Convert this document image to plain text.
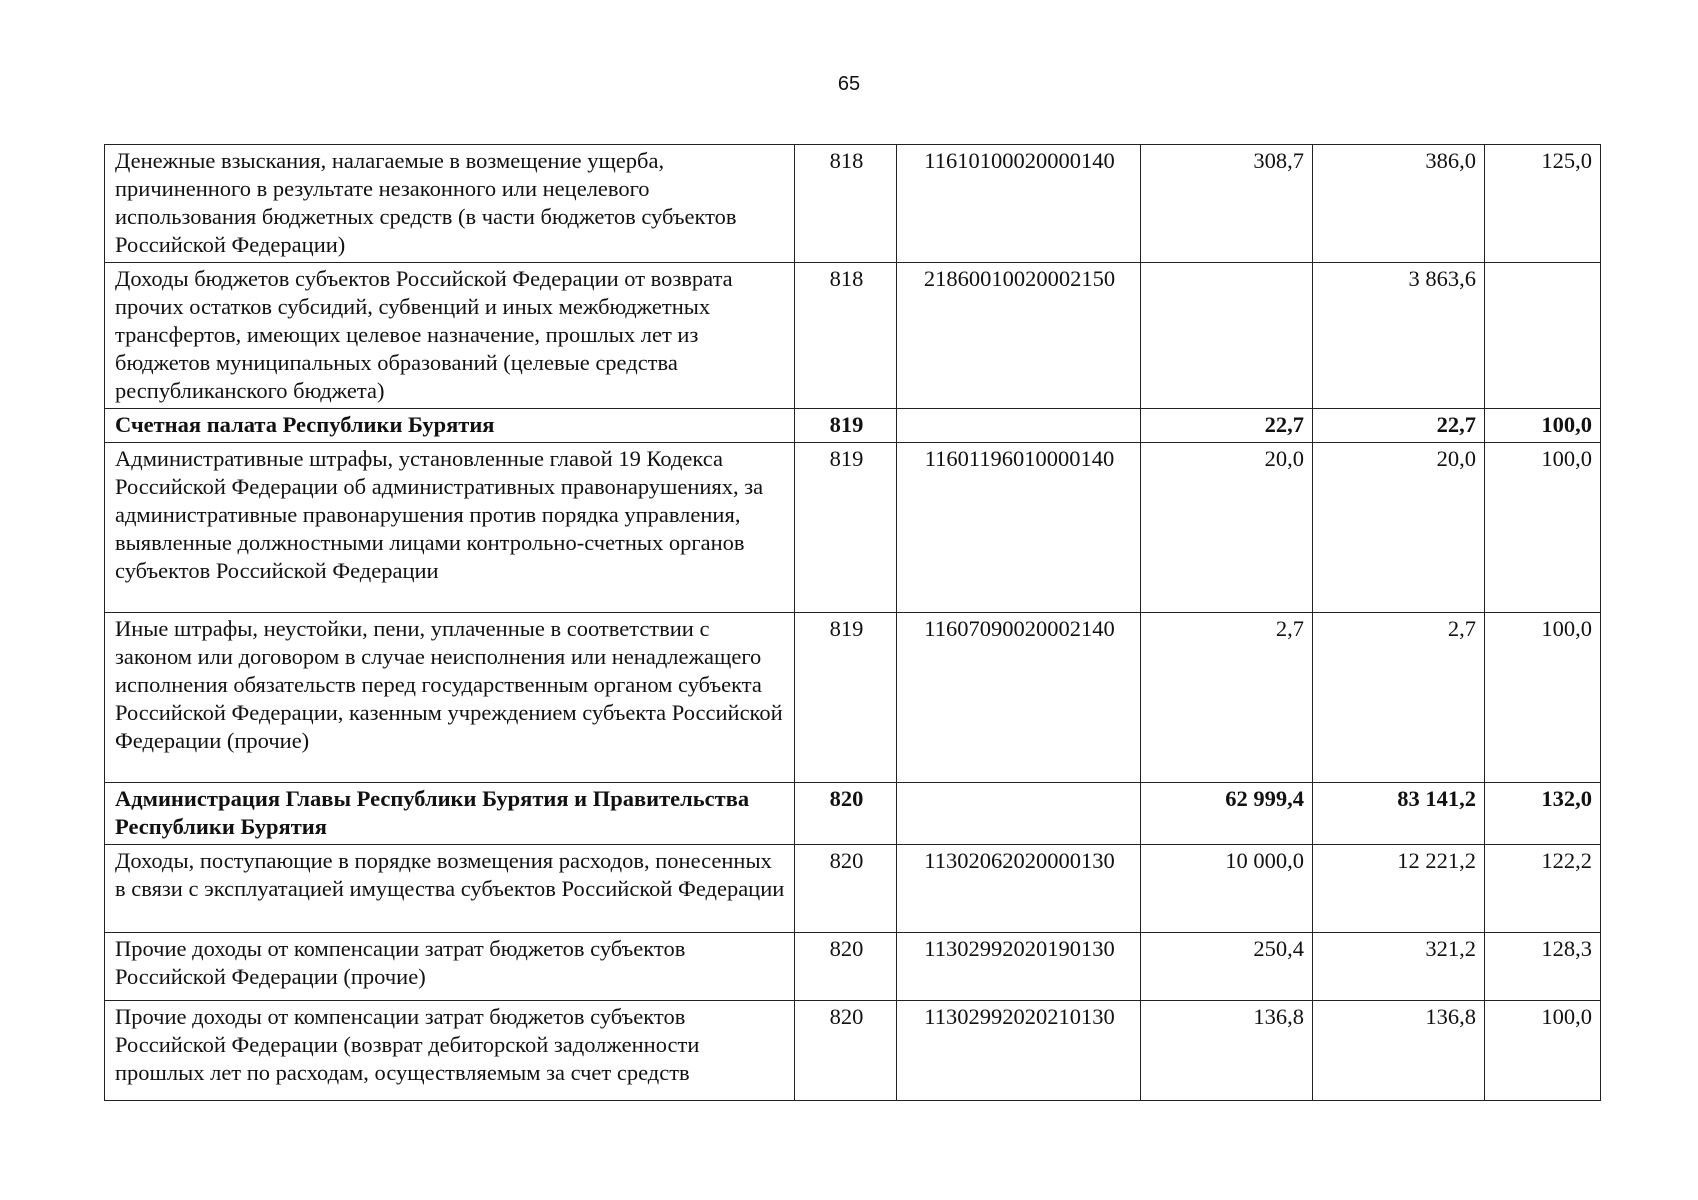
65
Денежные взыскания, налагаемые в возмещение ущерба, причиненного в результате незаконного или нецелевого использования бюджетных средств (в части бюджетов субъектов Российской Федерации)	818	11610100020000140	308,7	386,0	125,0
Доходы бюджетов субъектов Российской Федерации от возврата прочих остатков субсидий, субвенций и иных межбюджетных трансфертов, имеющих целевое назначение, прошлых лет из бюджетов муниципальных образований (целевые средства республиканского бюджета)	818	21860010020002150		3 863,6	
Счетная палата Республики Бурятия	819		22,7	22,7	100,0
Административные штрафы, установленные главой 19 Кодекса Российской Федерации об административных правонарушениях, за административные правонарушения против порядка управления, выявленные должностными лицами контрольно-счетных органов субъектов Российской Федерации	819	11601196010000140	20,0	20,0	100,0
Иные штрафы, неустойки, пени, уплаченные в соответствии с законом или договором в случае неисполнения или ненадлежащего исполнения обязательств перед государственным органом субъекта Российской Федерации, казенным учреждением субъекта Российской Федерации (прочие)	819	11607090020002140	2,7	2,7	100,0
Администрация Главы Республики Бурятия и Правительства Республики Бурятия	820		62 999,4	83 141,2	132,0
Доходы, поступающие в порядке возмещения расходов, понесенных в связи с эксплуатацией имущества субъектов Российской Федерации	820	11302062020000130	10 000,0	12 221,2	122,2
Прочие доходы от компенсации затрат бюджетов субъектов Российской Федерации (прочие)	820	11302992020190130	250,4	321,2	128,3
Прочие доходы от компенсации затрат бюджетов субъектов Российской Федерации (возврат дебиторской задолженности прошлых лет по расходам, осуществляемым за счет средств	820	11302992020210130	136,8	136,8	100,0
